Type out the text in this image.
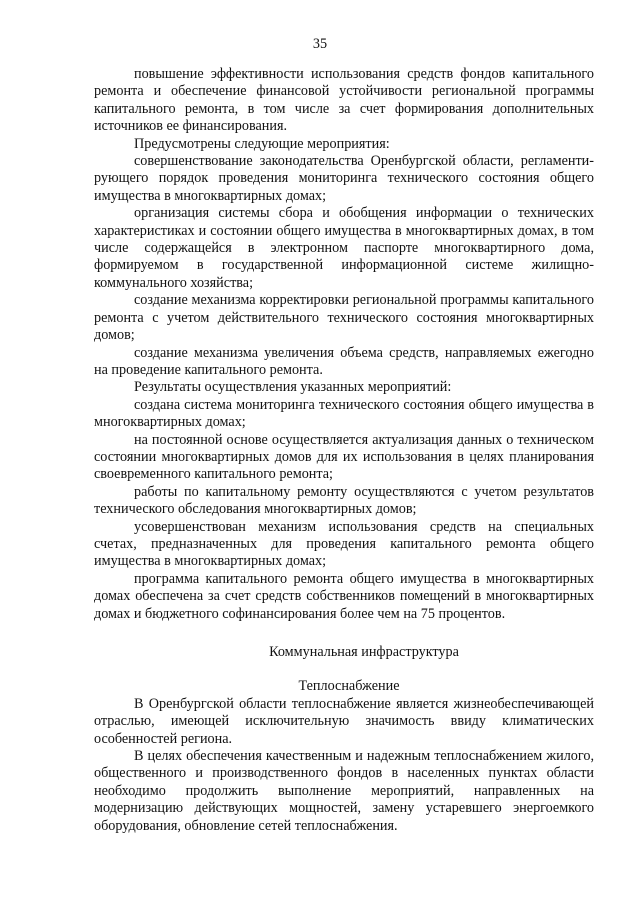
35

повышение эффективности использования средств фондов капитального ремонта и обеспечение финансовой устойчивости региональной программы капитального ремонта, в том числе за счет формирования дополнительных источников ее финансирования.

Предусмотрены следующие мероприятия:

совершенствование законодательства Оренбургской области, регламенти-рующего порядок проведения мониторинга технического состояния общего имущества в многоквартирных домах;

организация системы сбора и обобщения информации о технических характеристиках и состоянии общего имущества в многоквартирных домах, в том числе содержащейся в электронном паспорте многоквартирного дома, формируемом в государственной информационной системе жилищно-коммунального хозяйства;

создание механизма корректировки региональной программы капитального ремонта с учетом действительного технического состояния многоквартирных домов;

создание механизма увеличения объема средств, направляемых ежегодно на проведение капитального ремонта.

Результаты осуществления указанных мероприятий:

создана система мониторинга технического состояния общего имущества в многоквартирных домах;

на постоянной основе осуществляется актуализация данных о техническом состоянии многоквартирных домов для их использования в целях планирования своевременного капитального ремонта;

работы по капитальному ремонту осуществляются с учетом результатов технического обследования многоквартирных домов;

усовершенствован механизм использования средств на специальных счетах, предназначенных для проведения капитального ремонта общего имущества в многоквартирных домах;

программа капитального ремонта общего имущества в многоквартирных домах обеспечена за счет средств собственников помещений в многоквартирных домах и бюджетного софинансирования более чем на 75 процентов.

Коммунальная инфраструктура

Теплоснабжение

В Оренбургской области теплоснабжение является жизнеобеспечивающей отраслью, имеющей исключительную значимость ввиду климатических особенностей региона.

В целях обеспечения качественным и надежным теплоснабжением жилого, общественного и производственного фондов в населенных пунктах области необходимо продолжить выполнение мероприятий, направленных на модернизацию действующих мощностей, замену устаревшего энергоемкого оборудования, обновление сетей теплоснабжения.
